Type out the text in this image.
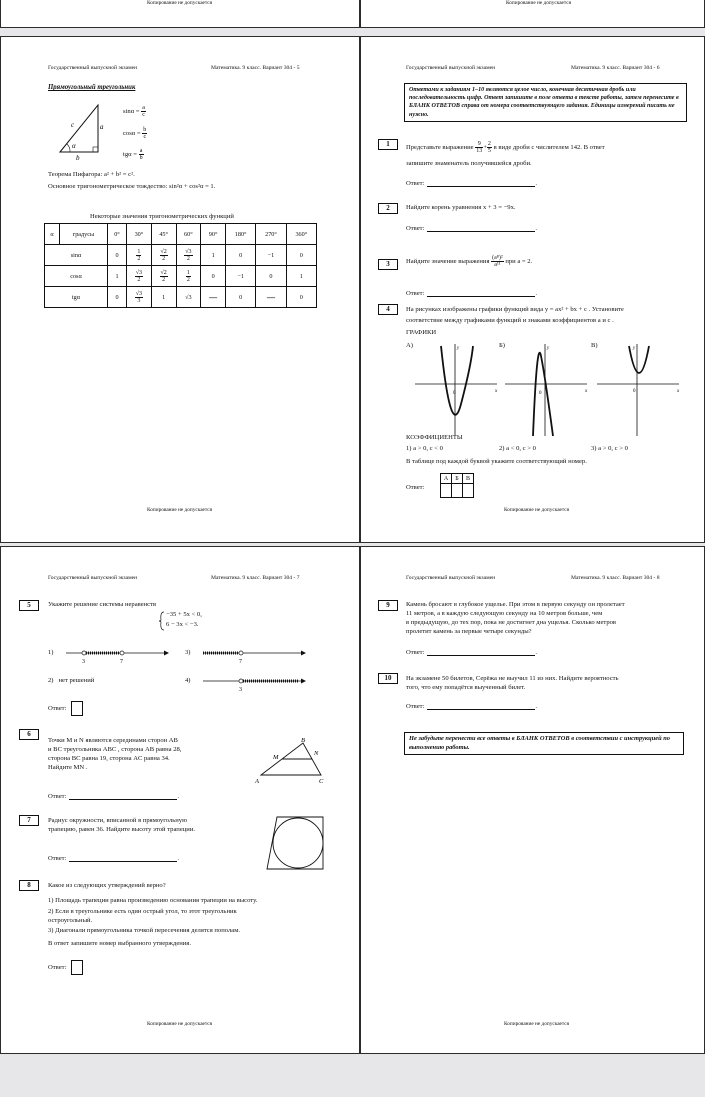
Копирование не допускается	Копирование не допускается
Государственный выпускной экзамен	Математика. 9 класс. Вариант 304 - 5
Прямоугольный треугольник
c	a
b
α
$\sin\alpha = \frac{a}{c}$
$\cos\alpha = \frac{b}{c}$
$tg\alpha = \frac{a}{b}$
Теорема Пифагора: a² + b² = c².
Основное тригонометрическое тождество: sin²α + cos²α = 1.
Некоторые значения тригонометрических функций
α	градусы	0°	30°	45°	60°	90°	180°	270°	360°
sinα		0	$\frac{1}{2}$	$\frac{√2}{2}$	$\frac{√3}{2}$	1	0	−1	0
cosα		1	$\frac{√3}{2}$	$\frac{√2}{2}$	$\frac{1}{2}$	0	−1	0	1
tgα		0	$\frac{√3}{3}$	1	√3	—	0	—	0
Копирование не допускается
Государственный выпускной экзамен	Математика. 9 класс. Вариант 304 - 6
Ответами к заданиям 1–10 являются целое число, конечная десятичная дробь или последовательность цифр. Ответ запишите в поле ответа в тексте работы, затем перенесите в БЛАНК ОТВЕТОВ справа от номера соответствующего задания. Единицы измерений писать не нужно.
1	Представьте выражение $\frac{9}{13} + \frac{2}{5}$ в виде дроби с числителем 142. В ответ
запишите знаменатель получившейся дроби.
Ответ:	.
2	Найдите корень уравнения x + 3 = −9x.
Ответ:	.
3	Найдите значение выражения $\frac{\text{(a⁸)²}}{\text{a¹¹}}$ при a = 2.
Ответ:	.
4	На рисунках изображены графики функций вида y = ax² + bx + c . Установите
соответствие между графиками функций и знаками коэффициентов a и c .
ГРАФИКИ
А)	Б)	В)
0	x
y
0	x
y
0	x
y
КОЭФФИЦИЕНТЫ
1) a > 0, c < 0	2) a < 0, c > 0	3) a > 0, c > 0
В таблице под каждой буквой укажите соответствующий номер.
Ответ:
А	Б	В

Копирование не допускается
Государственный выпускной экзамен	Математика. 9 класс. Вариант 304 - 7
5	Укажите решение системы неравенств
−35 + 5x < 0,
6 − 3x < −3.
1)
3	7
3)
7
2) нет решений	4)
3
Ответ:
6
Точки M и N являются серединами сторон AB
и BC треугольника ABC , сторона AB равна 28,
сторона BC равна 19, сторона AC равна 34.
Найдите MN .
A
B
C
M
N
Ответ:	.
7	Радиус окружности, вписанной в прямоугольную
трапецию, равен 36. Найдите высоту этой трапеции.
Ответ:	.
8	Какое из следующих утверждений верно?
1) Площадь трапеции равна произведению основания трапеции на высоту.
2) Если в треугольнике есть один острый угол, то этот треугольник
остроугольный.
3) Диагонали прямоугольника точкой пересечения делятся пополам.
В ответ запишите номер выбранного утверждения.
Ответ:
Копирование не допускается
Государственный выпускной экзамен	Математика. 9 класс. Вариант 304 - 8
9	Камень бросают в глубокое ущелье. При этом в первую секунду он пролетает
11 метров, а в каждую следующую секунду на 10 метров больше, чем
в предыдущую, до тех пор, пока не достигнет дна ущелья. Сколько метров
пролетит камень за первые четыре секунды?
Ответ:	.
10	На экзамене 50 билетов, Серёжа не выучил 11 из них. Найдите вероятность
того, что ему попадётся выученный билет.
Ответ:	.
Не забудьте перенести все ответы в БЛАНК ОТВЕТОВ в соответствии с инструкцией по выполнению работы.
Копирование не допускается
